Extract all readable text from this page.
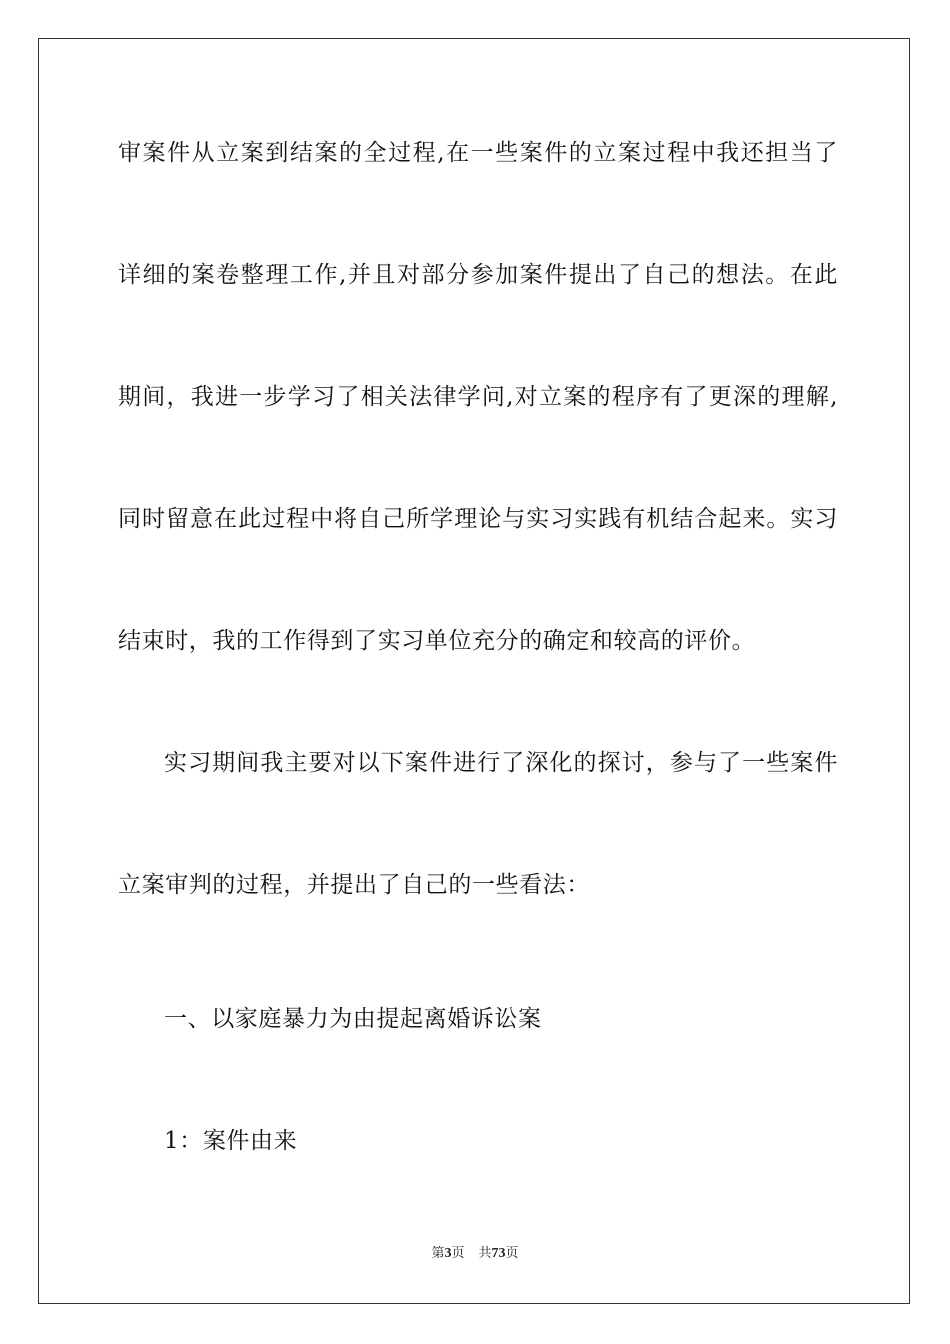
审案件从立案到结案的全过程,在一些案件的立案过程中我还担当了
详细的案卷整理工作,并且对部分参加案件提出了自己的想法。在此
期间，我进一步学习了相关法律学问,对立案的程序有了更深的理解,
同时留意在此过程中将自己所学理论与实习实践有机结合起来。实习
结束时，我的工作得到了实习单位充分的确定和较高的评价。
实习期间我主要对以下案件进行了深化的探讨，参与了一些案件
立案审判的过程，并提出了自己的一些看法：
一、以家庭暴力为由提起离婚诉讼案
1：案件由来
第3页 共73页
